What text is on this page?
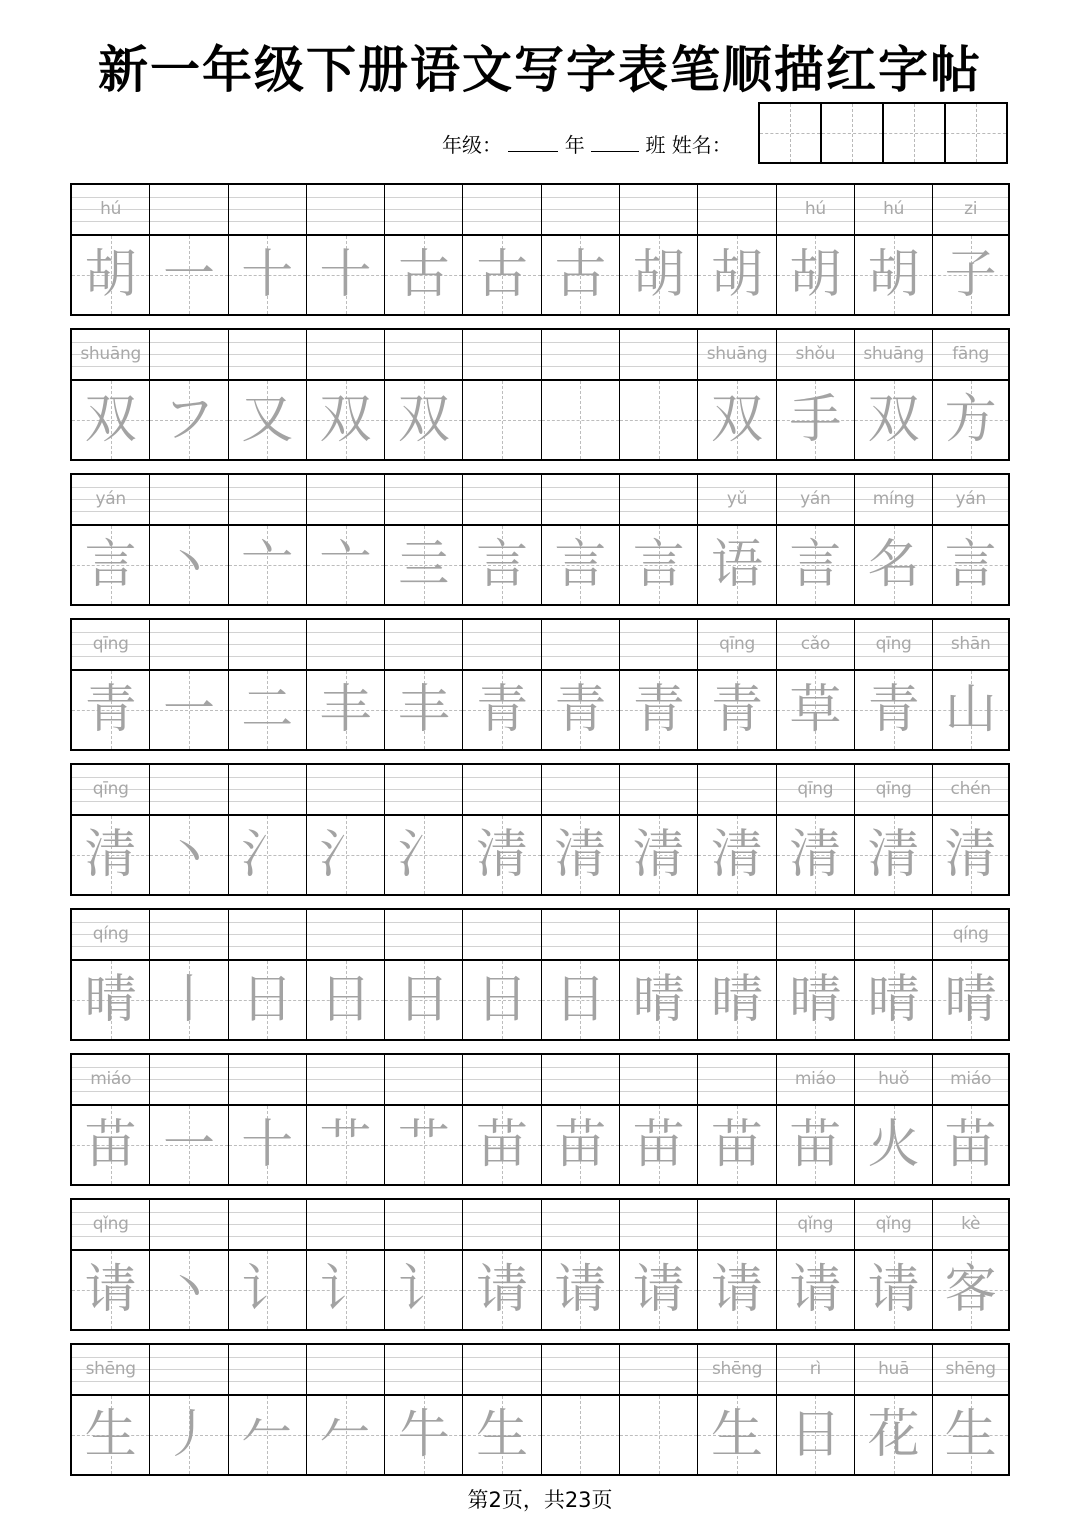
新一年级下册语文写字表笔顺描红字帖
年级：	年	班 姓名：
hú
胡 一 十 十 古 古 古 胡 胡
hú
胡
hú
胡
zi
子
shuāng
双 フ 又 双 双
shuāng
双
shǒu
手
shuāng
双
fāng
方
yán
言 丶 亠 亠 亖 言 言 言
yǔ
语
yán
言
míng
名
yán
言
qīng
青 一 二 丰 丰 青 青 青
qīng
青
cǎo
草
qīng
青
shān
山
qīng
清 丶 氵 氵 氵 清 清 清 清
qīng
清
qīng
清
chén
清
qíng
晴 丨 日 日 日 日 日 晴 晴 晴 晴
qíng
晴
miáo
苗 一 十 艹 艹 苗 苗 苗 苗
miáo
苗
huǒ
火
miáo
苗
qǐng
请 丶 讠 讠 讠 请 请 请 请
qǐng
请
qǐng
请
kè
客
shēng
生 丿 𠂉 𠂉 牛 生
shēng
生
rì
日
huā
花
shēng
生
第2页，共23页
